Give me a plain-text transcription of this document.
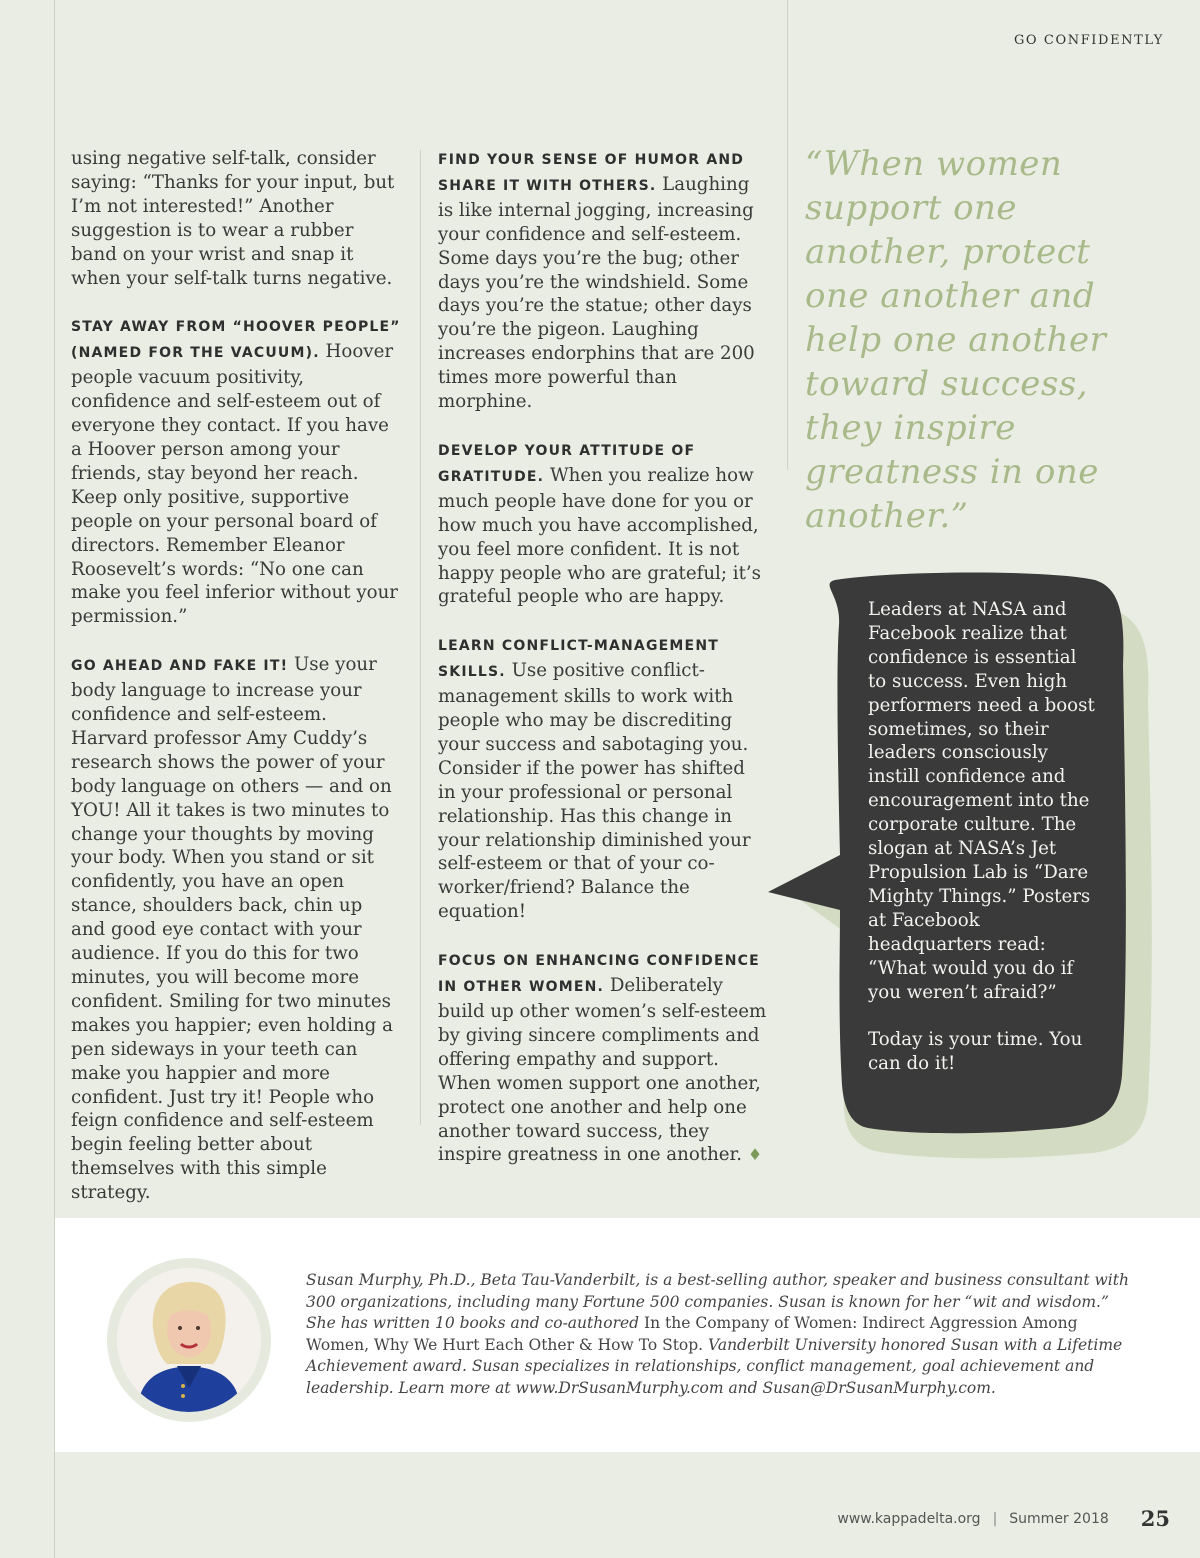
GO CONFIDENTLY

using negative self-talk, consider saying: “Thanks for your input, but I’m not interested!” Another suggestion is to wear a rubber band on your wrist and snap it when your self-talk turns negative.

STAY AWAY FROM “HOOVER PEOPLE” (NAMED FOR THE VACUUM). Hoover people vacuum positivity, confidence and self-esteem out of everyone they contact. If you have a Hoover person among your friends, stay beyond her reach. Keep only positive, supportive people on your personal board of directors. Remember Eleanor Roosevelt’s words: “No one can make you feel inferior without your permission.”

GO AHEAD AND FAKE IT! Use your body language to increase your confidence and self-esteem. Harvard professor Amy Cuddy’s research shows the power of your body language on others — and on YOU! All it takes is two minutes to change your thoughts by moving your body. When you stand or sit confidently, you have an open stance, shoulders back, chin up and good eye contact with your audience. If you do this for two minutes, you will become more confident. Smiling for two minutes makes you happier; even holding a pen sideways in your teeth can make you happier and more confident. Just try it! People who feign confidence and self-esteem begin feeling better about themselves with this simple strategy.

FIND YOUR SENSE OF HUMOR AND SHARE IT WITH OTHERS. Laughing is like internal jogging, increasing your confidence and self-esteem. Some days you’re the bug; other days you’re the windshield. Some days you’re the statue; other days you’re the pigeon. Laughing increases endorphins that are 200 times more powerful than morphine.

DEVELOP YOUR ATTITUDE OF GRATITUDE. When you realize how much people have done for you or how much you have accomplished, you feel more confident. It is not happy people who are grateful; it’s grateful people who are happy.

LEARN CONFLICT-MANAGEMENT SKILLS. Use positive conflict-management skills to work with people who may be discrediting your success and sabotaging you. Consider if the power has shifted in your professional or personal relationship. Has this change in your relationship diminished your self-esteem or that of your co-worker/friend? Balance the equation!

FOCUS ON ENHANCING CONFIDENCE IN OTHER WOMEN. Deliberately build up other women’s self-esteem by giving sincere compliments and offering empathy and support. When women support one another, protect one another and help one another toward success, they inspire greatness in one another. ♦

“When women support one another, protect one another and help one another toward success, they inspire greatness in one another.”

Leaders at NASA and Facebook realize that confidence is essential to success. Even high performers need a boost sometimes, so their leaders consciously instill confidence and encouragement into the corporate culture. The slogan at NASA’s Jet Propulsion Lab is “Dare Mighty Things.” Posters at Facebook headquarters read: “What would you do if you weren’t afraid?”

Today is your time. You can do it!

Susan Murphy, Ph.D., Beta Tau-Vanderbilt, is a best-selling author, speaker and business consultant with 300 organizations, including many Fortune 500 companies. Susan is known for her “wit and wisdom.” She has written 10 books and co-authored In the Company of Women: Indirect Aggression Among Women, Why We Hurt Each Other & How To Stop. Vanderbilt University honored Susan with a Lifetime Achievement award. Susan specializes in relationships, conflict management, goal achievement and leadership. Learn more at www.DrSusanMurphy.com and Susan@DrSusanMurphy.com.
www.kappadelta.org | Summer 2018 25
